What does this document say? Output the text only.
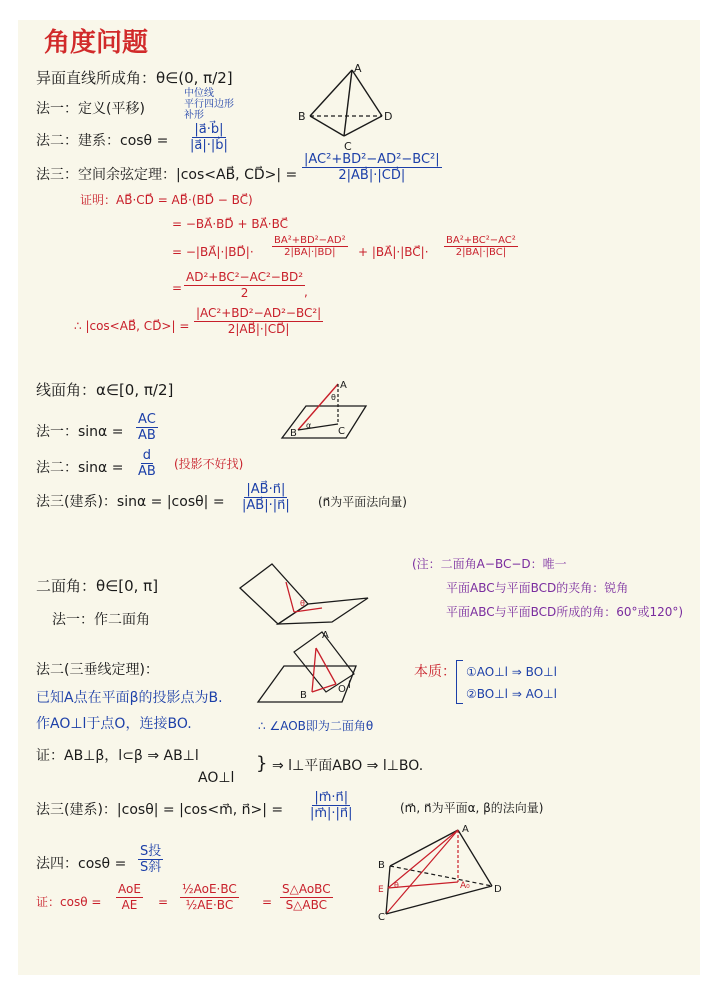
角度问题
异面直线所成角：θ∈(0, π/2]
法一：定义(平移)
中位线
平行四边形
补形
法二：建系：$\cos\theta = \frac{|a⃗\cdot b⃗|}{|a⃗|\cdot|b⃗|}$
法三：空间余弦定理：|cos<AB⃗, CD⃗>| = $\frac{\text{|AC²+BD²−AD²−BC²|}}{2|AB⃗|\cdot|CD⃗|}$
证明：AB⃗·CD⃗ = AB⃗·(BD⃗ − BC⃗)
= −BA⃗·BD⃗ + BA⃗·BC⃗
= −|BA⃗|·|BD⃗|· $\frac{\text{BA²+BD²−AD²}}{2|BA|\cdot|BD|}$ + |BA⃗|·|BC⃗|· $\frac{\text{BA²+BC²−AC²}}{2|BA|\cdot|BC|}$
= $\frac{\text{AD²+BC²−AC²−BD²}}{2}$
,
∴ |cos<AB⃗, CD⃗>| = $\frac{\text{|AC²+BD²−AD²−BC²|}}{2|AB⃗|\cdot|CD⃗|}$
A
B
C
D
线面角：α∈[0, π/2]
法一：$\sin\alpha = \frac{AC}{AB}$
法二：$\sin\alpha = \frac{d}{AB}$ (投影不好找)
法三(建系)：$\sin\alpha = |\cos\theta| = \frac{|AB⃗\cdot n⃗|}{|AB⃗|\cdot|n⃗|}$ (n⃗为平面法向量)
A
B	C
θ
α
二面角：θ∈[0, π]
法一：作二面角
(注：二面角A−BC−D：唯一
平面ABC与平面BCD的夹角：锐角
平面ABC与平面BCD所成的角：60°或120°)
θ
法二(三垂线定理)：
已知A点在平面β的投影点为B.
作AO⊥l于点O，连接BO.	∴ ∠AOB即为二面角θ
A
B
O l
本质： ①AO⊥l ⇒ BO⊥l
②BO⊥l ⇒ AO⊥l
证：AB⊥β，l⊂β ⇒ AB⊥l
AO⊥l
} ⇒ l⊥平面ABO ⇒ l⊥BO.
法三(建系)：|cosθ| = |cos<m⃗, n⃗>| = $\frac{|m⃗\cdot n⃗|}{|m⃗|\cdot|n⃗|}$	(m⃗, n⃗为平面α, β的法向量)
法四：cosθ =
S投
S斜
证：cosθ =
AoE
AE =
½AoE·BC
½AE·BC =
S△AoBC
S△ABC
A
B
C
D
E	A₀
θ
